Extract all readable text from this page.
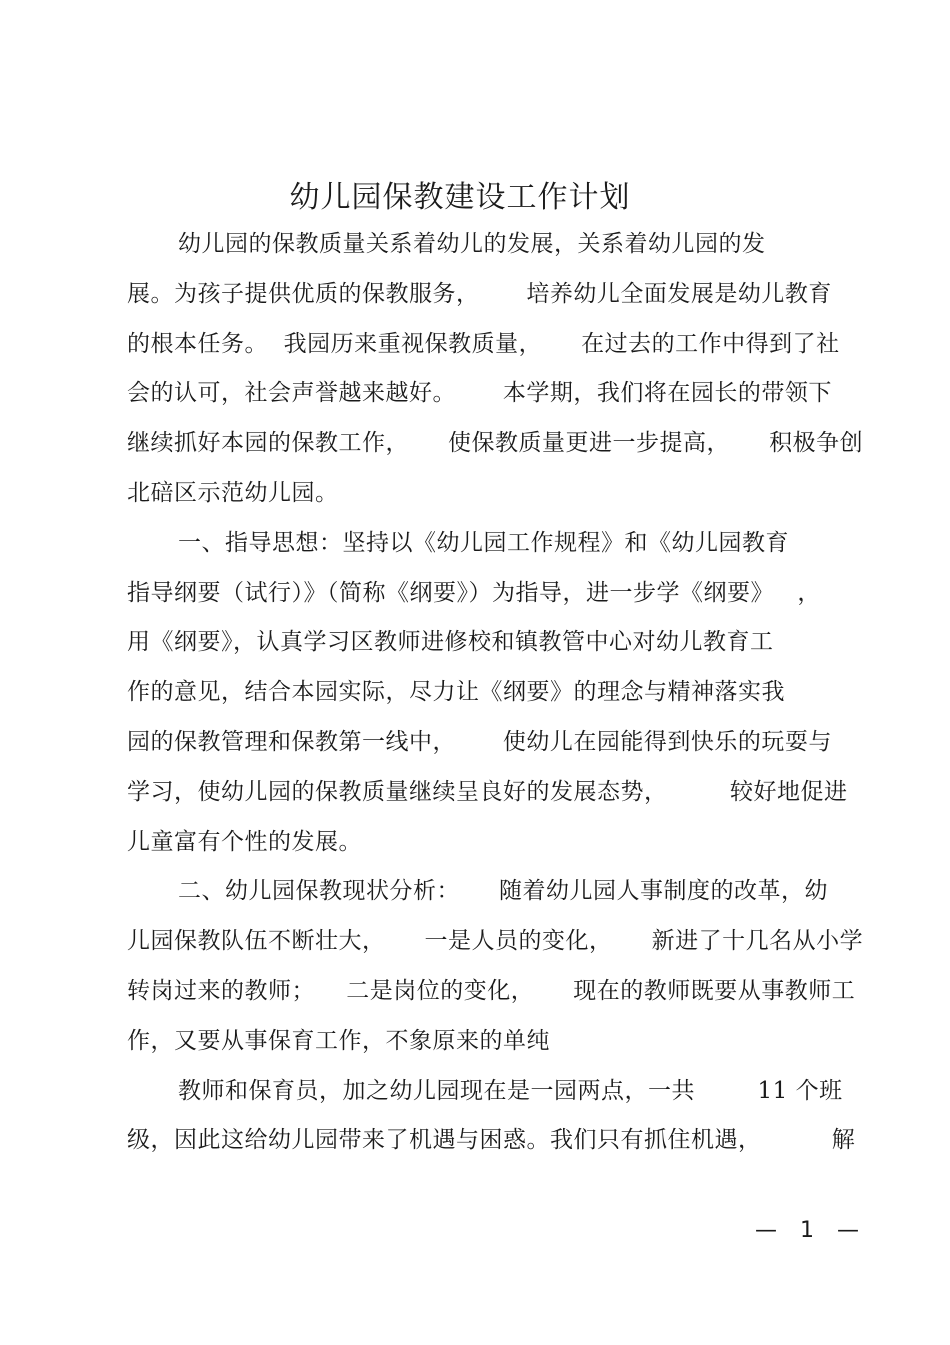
幼儿园保教建设工作计划
幼儿园的保教质量关系着幼儿的发展，关系着幼儿园的发
展。为孩子提供优质的保教服务，      培养幼儿全面发展是幼儿教育
的根本任务。  我园历来重视保教质量，     在过去的工作中得到了社
会的认可，社会声誉越来越好。      本学期，我们将在园长的带领下
继续抓好本园的保教工作，     使保教质量更进一步提高，     积极争创
北碚区示范幼儿园。
一、指导思想：坚持以《幼儿园工作规程》和《幼儿园教育
指导纲要（试行）》（简称《纲要》）为指导，进一步学《纲要》   ，
用《纲要》，认真学习区教师进修校和镇教管中心对幼儿教育工
作的意见，结合本园实际，尽力让《纲要》的理念与精神落实我
园的保教管理和保教第一线中，      使幼儿在园能得到快乐的玩耍与
学习，使幼儿园的保教质量继续呈良好的发展态势，        较好地促进
儿童富有个性的发展。
二、幼儿园保教现状分析：     随着幼儿园人事制度的改革，幼
儿园保教队伍不断壮大，     一是人员的变化，     新进了十几名从小学
转岗过来的教师；    二是岗位的变化，     现在的教师既要从事教师工
作，又要从事保育工作，不象原来的单纯
教师和保育员，加之幼儿园现在是一园两点，一共        11 个班
级，因此这给幼儿园带来了机遇与困惑。我们只有抓住机遇，         解
— 1 —
